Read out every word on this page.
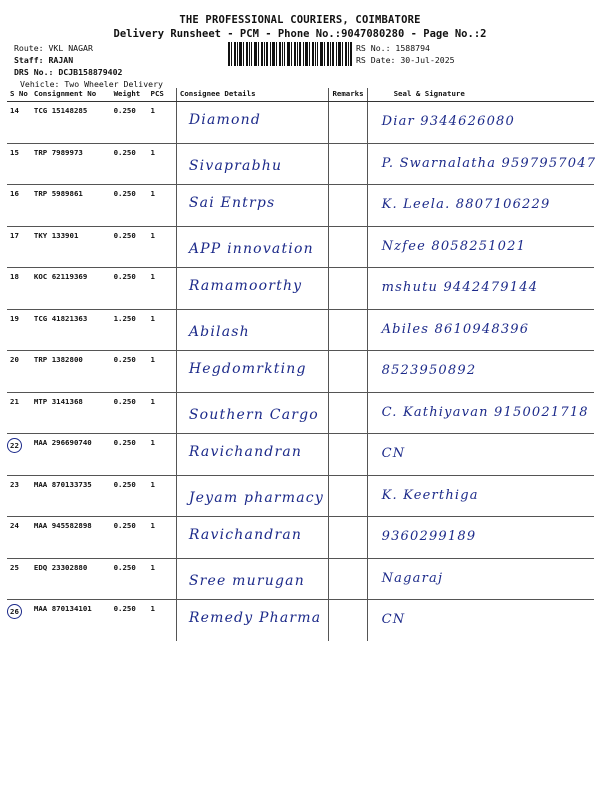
THE PROFESSIONAL COURIERS, COIMBATORE
Delivery Runsheet - PCM - Phone No.:9047080280 - Page No.:2
Route: VKL NAGAR
Staff: RAJAN
DRS No.: DCJB158879402
Vehicle: Two Wheeler Delivery
RS No.: 1588794
RS Date: 30-Jul-2025
S No	Consignment No	Weight	PCS	Consignee Details	Remarks	Seal & Signature
14	TCG 15148285	0.250	1	Diamond		Diar 9344626080

15	TRP 7989973	0.250	1	Sivaprabhu		P. Swarnalatha 9597957047

16	TRP 5989861	0.250	1	Sai Entrps		K. Leela. 8807106229

17	TKY 133901	0.250	1	APP innovation		Nzfee 8058251021

18	KOC 62119369	0.250	1	Ramamoorthy		mshutu 9442479144

19	TCG 41821363	1.250	1	Abilash		Abiles 8610948396

20	TRP 1382800	0.250	1	Hegdomrkting		8523950892

21	MTP 3141368	0.250	1	Southern Cargo		C. Kathiyavan 9150021718

22	MAA 296690740	0.250	1	Ravichandran		CN

23	MAA 870133735	0.250	1	Jeyam pharmacy		K. Keerthiga

24	MAA 945582898	0.250	1	Ravichandran		9360299189

25	EDQ 23302880	0.250	1	Sree murugan		Nagaraj

26	MAA 870134101	0.250	1	Remedy Pharma		CN
